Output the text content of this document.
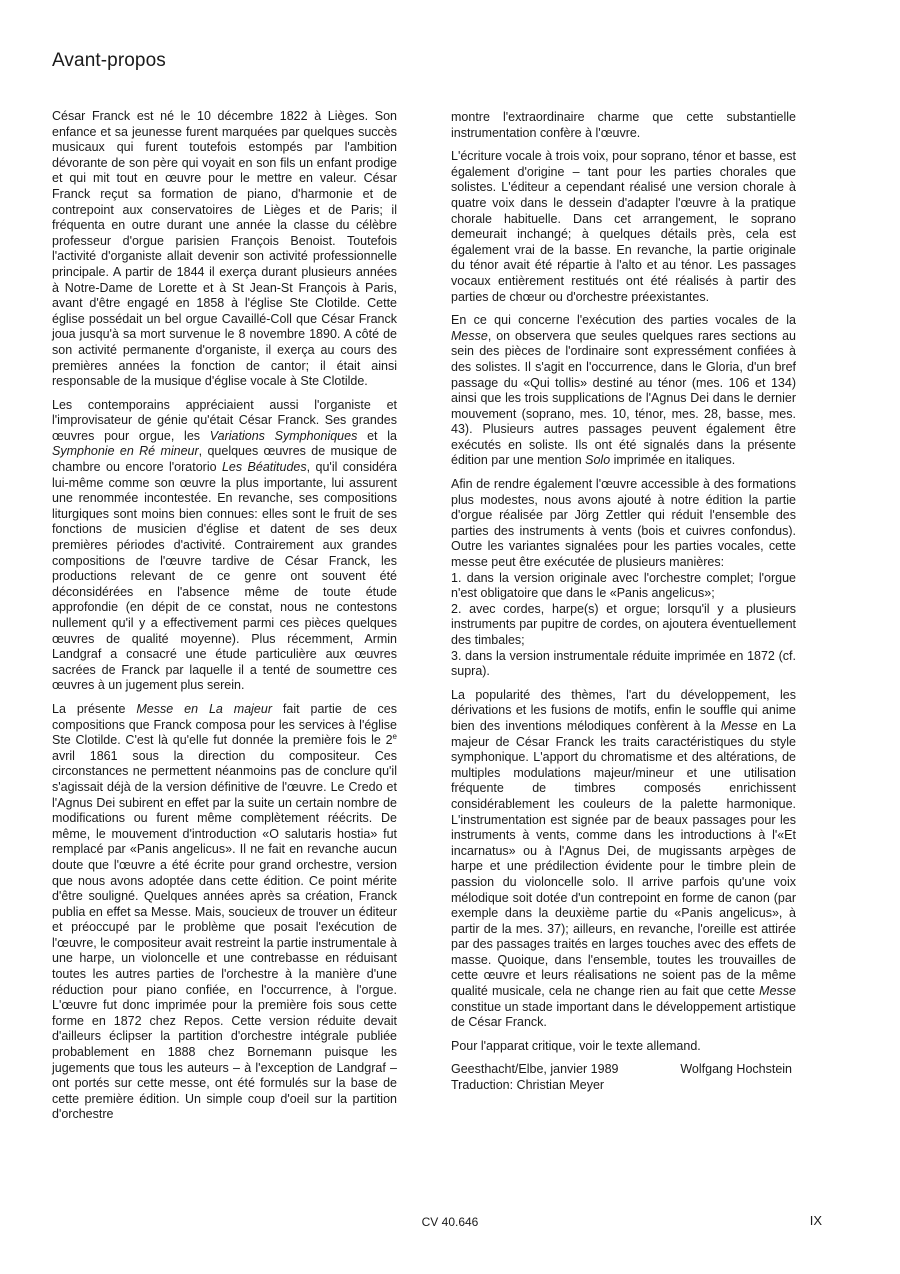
Avant-propos

César Franck est né le 10 décembre 1822 à Lièges. Son enfance et sa jeunesse furent marquées par quelques succès musicaux qui furent toutefois estompés par l'ambition dévorante de son père qui voyait en son fils un enfant prodige et qui mit tout en œuvre pour le mettre en valeur. César Franck reçut sa formation de piano, d'harmonie et de contrepoint aux conservatoires de Lièges et de Paris; il fréquenta en outre durant une année la classe du célèbre professeur d'orgue parisien François Benoist. Toutefois l'activité d'organiste allait devenir son activité professionnelle principale. A partir de 1844 il exerça durant plusieurs années à Notre-Dame de Lorette et à St Jean-St François à Paris, avant d'être engagé en 1858 à l'église Ste Clotilde. Cette église possédait un bel orgue Cavaillé-Coll que César Franck joua jusqu'à sa mort survenue le 8 novembre 1890. A côté de son activité permanente d'organiste, il exerça au cours des premières années la fonction de cantor; il était ainsi responsable de la musique d'église vocale à Ste Clotilde.

Les contemporains appréciaient aussi l'organiste et l'improvisateur de génie qu'était César Franck. Ses grandes œuvres pour orgue, les Variations Symphoniques et la Symphonie en Ré mineur, quelques œuvres de musique de chambre ou encore l'oratorio Les Béatitudes, qu'il considéra lui-même comme son œuvre la plus importante, lui assurent une renommée incontestée. En revanche, ses compositions liturgiques sont moins bien connues: elles sont le fruit de ses fonctions de musicien d'église et datent de ses deux premières périodes d'activité. Contrairement aux grandes compositions de l'œuvre tardive de César Franck, les productions relevant de ce genre ont souvent été déconsidérées en l'absence même de toute étude approfondie (en dépit de ce constat, nous ne contestons nullement qu'il y a effectivement parmi ces pièces quelques œuvres de qualité moyenne). Plus récemment, Armin Landgraf a consacré une étude particulière aux œuvres sacrées de Franck par laquelle il a tenté de soumettre ces œuvres à un jugement plus serein.

La présente Messe en La majeur fait partie de ces compositions que Franck composa pour les services à l'église Ste Clotilde. C'est là qu'elle fut donnée la première fois le 2e avril 1861 sous la direction du compositeur. Ces circonstances ne permettent néanmoins pas de conclure qu'il s'agissait déjà de la version définitive de l'œuvre. Le Credo et l'Agnus Dei subirent en effet par la suite un certain nombre de modifications ou furent même complètement réécrits. De même, le mouvement d'introduction «O salutaris hostia» fut remplacé par «Panis angelicus». Il ne fait en revanche aucun doute que l'œuvre a été écrite pour grand orchestre, version que nous avons adoptée dans cette édition. Ce point mérite d'être souligné. Quelques années après sa création, Franck publia en effet sa Messe. Mais, soucieux de trouver un éditeur et préoccupé par le problème que posait l'exécution de l'œuvre, le compositeur avait restreint la partie instrumentale à une harpe, un violoncelle et une contrebasse en réduisant toutes les autres parties de l'orchestre à la manière d'une réduction pour piano confiée, en l'occurrence, à l'orgue. L'œuvre fut donc imprimée pour la première fois sous cette forme en 1872 chez Repos. Cette version réduite devait d'ailleurs éclipser la partition d'orchestre intégrale publiée probablement en 1888 chez Bornemann puisque les jugements que tous les auteurs – à l'exception de Landgraf – ont portés sur cette messe, ont été formulés sur la base de cette première édition. Un simple coup d'oeil sur la partition d'orchestre

montre l'extraordinaire charme que cette substantielle instrumentation confère à l'œuvre.

L'écriture vocale à trois voix, pour soprano, ténor et basse, est également d'origine – tant pour les parties chorales que solistes. L'éditeur a cependant réalisé une version chorale à quatre voix dans le dessein d'adapter l'œuvre à la pratique chorale habituelle. Dans cet arrangement, le soprano demeurait inchangé; à quelques détails près, cela est également vrai de la basse. En revanche, la partie originale du ténor avait été répartie à l'alto et au ténor. Les passages vocaux entièrement restitués ont été réalisés à partir des parties de chœur ou d'orchestre préexistantes.

En ce qui concerne l'exécution des parties vocales de la Messe, on observera que seules quelques rares sections au sein des pièces de l'ordinaire sont expressément confiées à des solistes. Il s'agit en l'occurrence, dans le Gloria, d'un bref passage du «Qui tollis» destiné au ténor (mes. 106 et 134) ainsi que les trois supplications de l'Agnus Dei dans le dernier mouvement (soprano, mes. 10, ténor, mes. 28, basse, mes. 43). Plusieurs autres passages peuvent également être exécutés en soliste. Ils ont été signalés dans la présente édition par une mention Solo imprimée en italiques.

Afin de rendre également l'œuvre accessible à des formations plus modestes, nous avons ajouté à notre édition la partie d'orgue réalisée par Jörg Zettler qui réduit l'ensemble des parties des instruments à vents (bois et cuivres confondus). Outre les variantes signalées pour les parties vocales, cette messe peut être exécutée de plusieurs manières:

1. dans la version originale avec l'orchestre complet; l'orgue n'est obligatoire que dans le «Panis angelicus»;

2. avec cordes, harpe(s) et orgue; lorsqu'il y a plusieurs instruments par pupitre de cordes, on ajoutera éventuellement des timbales;

3. dans la version instrumentale réduite imprimée en 1872 (cf. supra).

La popularité des thèmes, l'art du développement, les dérivations et les fusions de motifs, enfin le souffle qui anime bien des inventions mélodiques confèrent à la Messe en La majeur de César Franck les traits caractéristiques du style symphonique. L'apport du chromatisme et des altérations, de multiples modulations majeur/mineur et une utilisation fréquente de timbres composés enrichissent considérablement les couleurs de la palette harmonique. L'instrumentation est signée par de beaux passages pour les instruments à vents, comme dans les introductions à l'«Et incarnatus» ou à l'Agnus Dei, de mugissants arpèges de harpe et une prédilection évidente pour le timbre plein de passion du violoncelle solo. Il arrive parfois qu'une voix mélodique soit dotée d'un contrepoint en forme de canon (par exemple dans la deuxième partie du «Panis angelicus», à partir de la mes. 37); ailleurs, en revanche, l'oreille est attirée par des passages traités en larges touches avec des effets de masse. Quoique, dans l'ensemble, toutes les trouvailles de cette œuvre et leurs réalisations ne soient pas de la même qualité musicale, cela ne change rien au fait que cette Messe constitue un stade important dans le développement artistique de César Franck.

Pour l'apparat critique, voir le texte allemand.

Geesthacht/Elbe, janvier 1989	Wolfgang Hochstein

Traduction: Christian Meyer

CV 40.646	IX
